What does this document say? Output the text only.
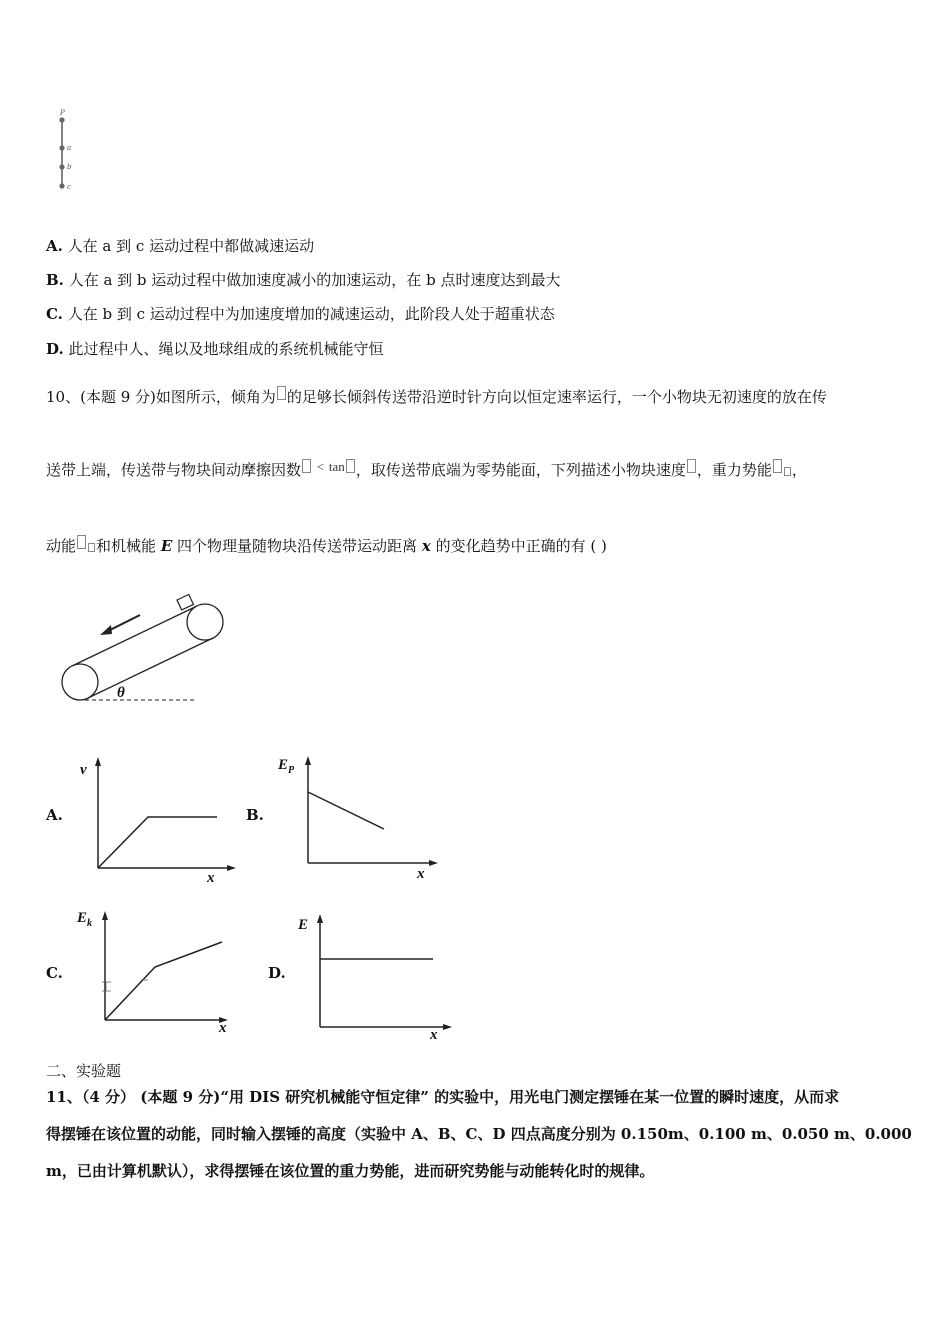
P
a
b
c
A. 人在 a 到 c 运动过程中都做减速运动
B. 人在 a 到 b 运动过程中做加速度减小的加速运动，在 b 点时速度达到最大
C. 人在 b 到 c 运动过程中为加速度增加的减速运动，此阶段人处于超重状态
D. 此过程中人、绳以及地球组成的系统机械能守恒
10、(本题 9 分)如图所示，倾角为 的足够长倾斜传送带沿逆时针方向以恒定速率运行，一个小物块无初速度的放在传
送带上端，传送带与物块间动摩擦因数 < tan ，取传送带底端为零势能面，下列描述小物块速度 ，重力势能 ，
动能 和机械能 E 四个物理量随物块沿传送带运动距离 x 的变化趋势中正确的有 ( )
θ
A.
v
x
B.
$E_P$
x
C.
$E_k$
x
D.
E
x
二、实验题
11、（4 分） (本题 9 分)“用 DIS 研究机械能守恒定律” 的实验中，用光电门测定摆锤在某一位置的瞬时速度，从而求
得摆锤在该位置的动能，同时输入摆锤的高度（实验中 A、B、C、D 四点高度分别为 0.150m、0.100 m、0.050 m、0.000
m，已由计算机默认），求得摆锤在该位置的重力势能，进而研究势能与动能转化时的规律。
